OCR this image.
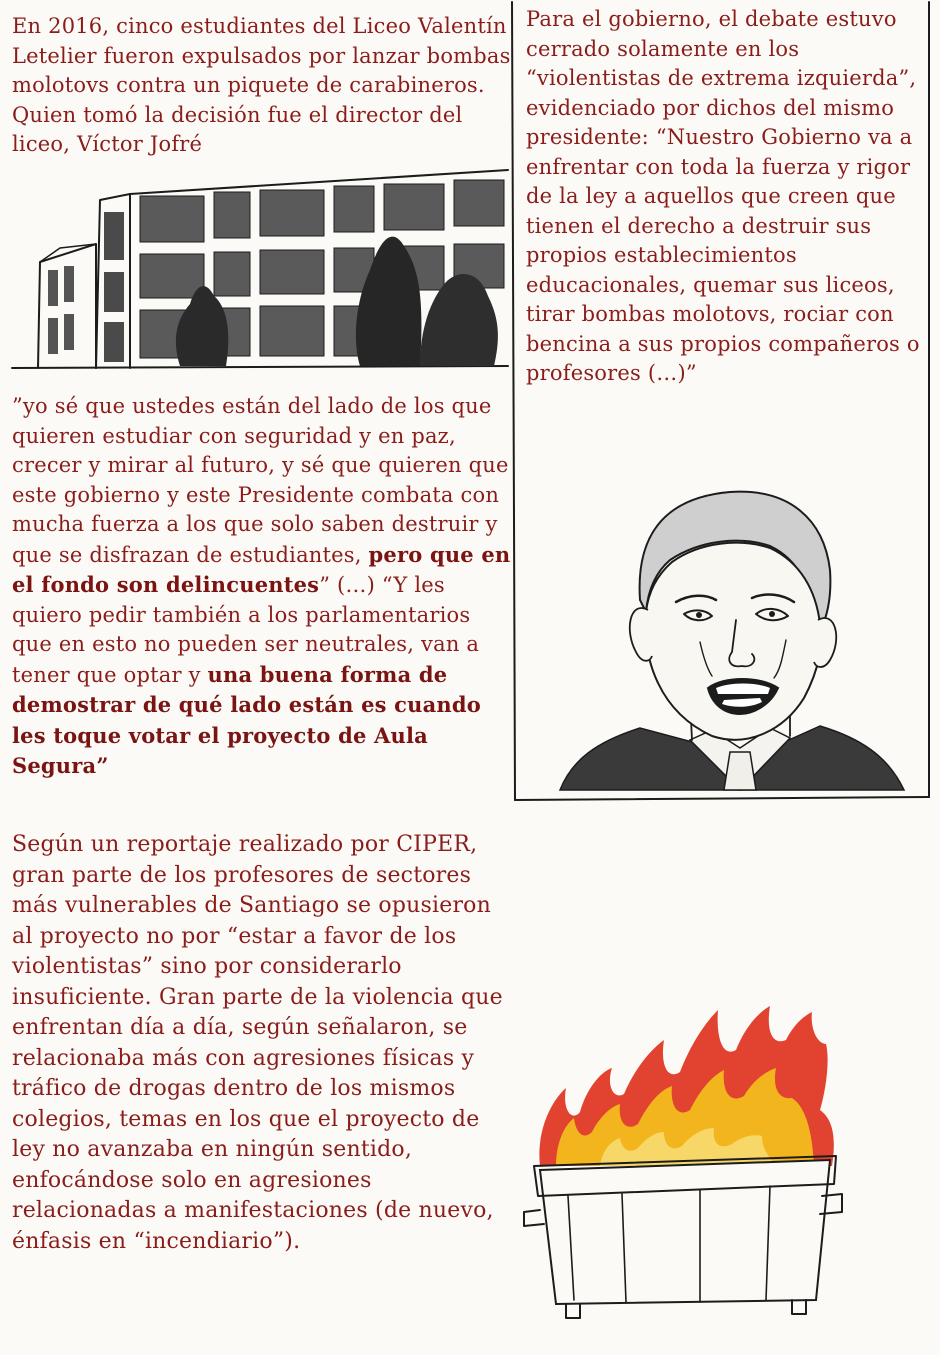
En 2016, cinco estudiantes del Liceo Valentín Letelier fueron expulsados por lanzar bombas molotovs contra un piquete de carabineros. Quien tomó la decisión fue el director del liceo, Víctor Jofré
Para el gobierno, el debate estuvo cerrado solamente en los “violentistas de extrema izquierda”, evidenciado por dichos del mismo presidente: “Nuestro Gobierno va a enfrentar con toda la fuerza y rigor de la ley a aquellos que creen que tienen el derecho a destruir sus propios establecimientos educacionales, quemar sus liceos, tirar bombas molotovs, rociar con bencina a sus propios compañeros o profesores (…)”
”yo sé que ustedes están del lado de los que quieren estudiar con seguridad y en paz, crecer y mirar al futuro, y sé que quieren que este gobierno y este Presidente combata con mucha fuerza a los que solo saben destruir y que se disfrazan de estudiantes, pero que en el fondo son delincuentes” (…) “Y les quiero pedir también a los parlamentarios que en esto no pueden ser neutrales, van a tener que optar y una buena forma de demostrar de qué lado están es cuando les toque votar el proyecto de Aula Segura”
Según un reportaje realizado por CIPER, gran parte de los profesores de sectores más vulnerables de Santiago se opusieron al proyecto no por “estar a favor de los violentistas” sino por considerarlo insuficiente. Gran parte de la violencia que enfrentan día a día, según señalaron, se relacionaba más con agresiones físicas y tráfico de drogas dentro de los mismos colegios, temas en los que el proyecto de ley no avanzaba en ningún sentido, enfocándose solo en agresiones relacionadas a manifestaciones (de nuevo, énfasis en “incendiario”).
